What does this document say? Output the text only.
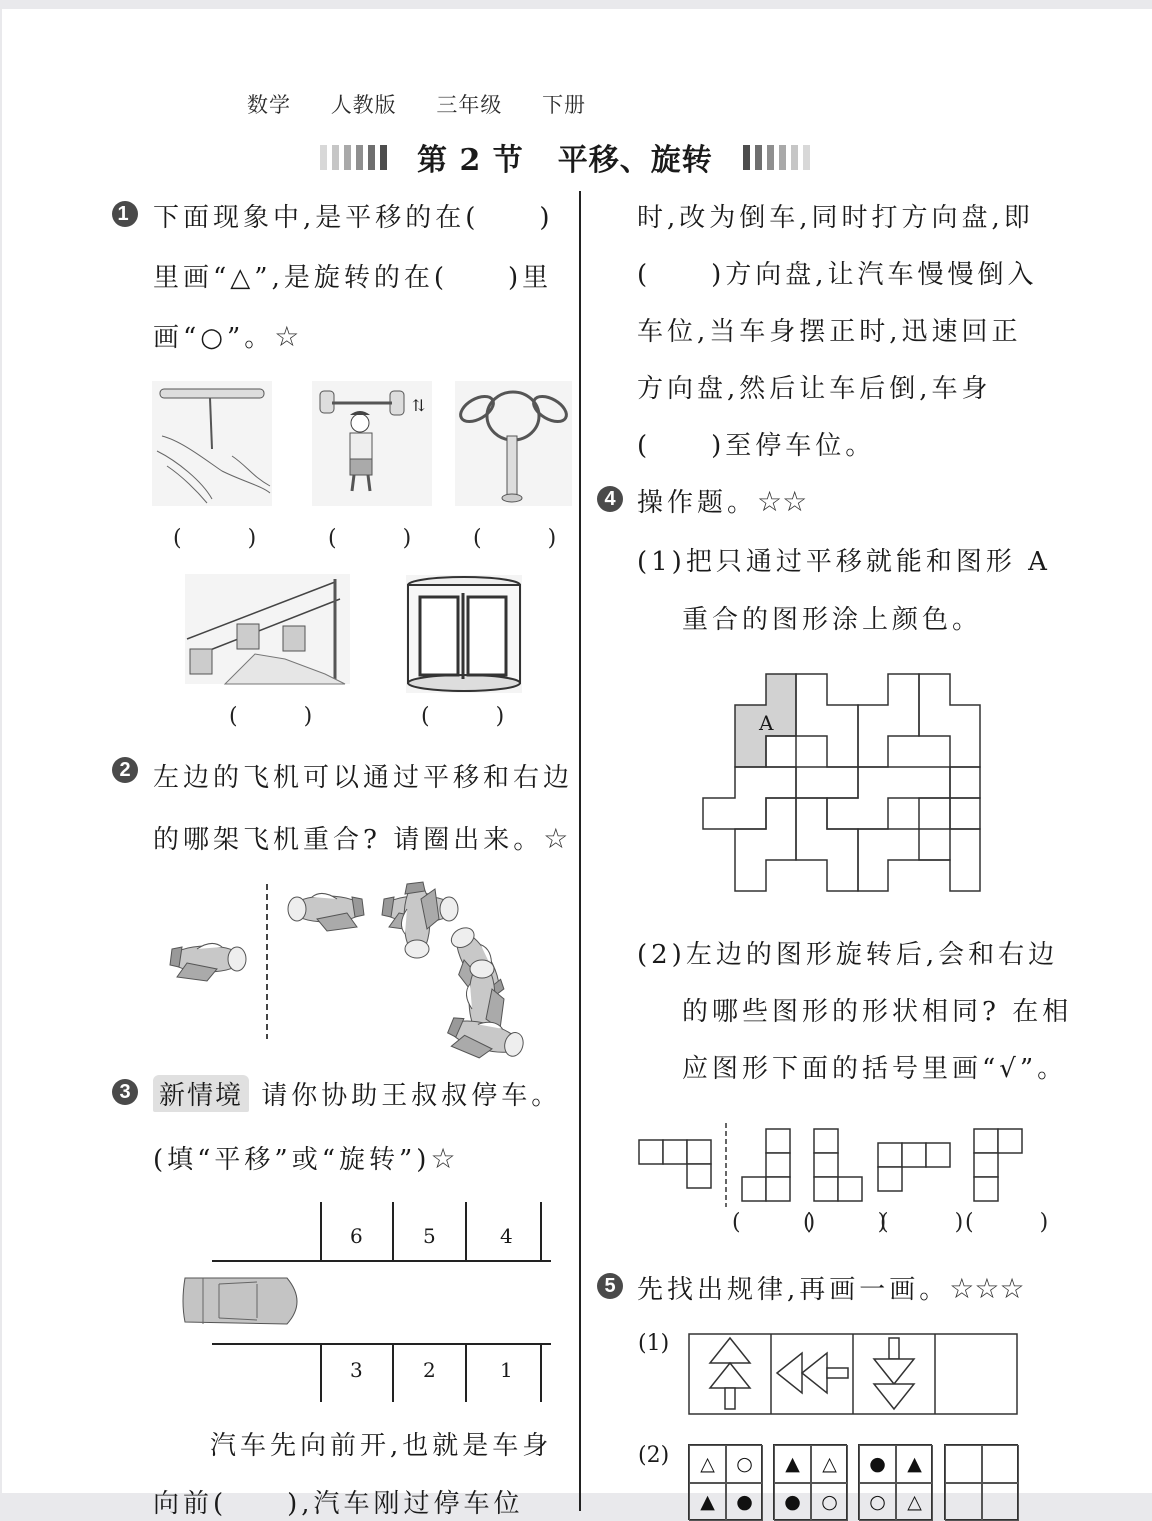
数学 人教版 三年级 下册
第 2 节 平移、旋转
1 下面现象中,是平移的在(　　)
里画“△”,是旋转的在(　　)里
画“○”。☆
(　　　)
⇅
(　　　)	(　　　)
(　　　)	(　　　)
2 左边的飞机可以通过平移和右边
的哪架飞机重合? 请圈出来。☆
3 新情境 请你协助王叔叔停车。
(填“平移”或“旋转”)☆
6	5	4
3	2	1
汽车先向前开,也就是车身
向前(　　),汽车刚过停车位
时,改为倒车,同时打方向盘,即
(　　)方向盘,让汽车慢慢倒入
车位,当车身摆正时,迅速回正
方向盘,然后让车后倒,车身
(　　)至停车位。
4 操作题。☆☆
(1)把只通过平移就能和图形 A
重合的图形涂上颜色。
A
(2)左边的图形旋转后,会和右边
的哪些图形的形状相同? 在相
应图形下面的括号里画“√”。
(　　　)
(　　　)
(　　　) (　　　)
5 先找出规律,再画一画。☆☆☆
(1)
(2)	△	○
▲	●
▲	△
●	○
●	▲
○	△
